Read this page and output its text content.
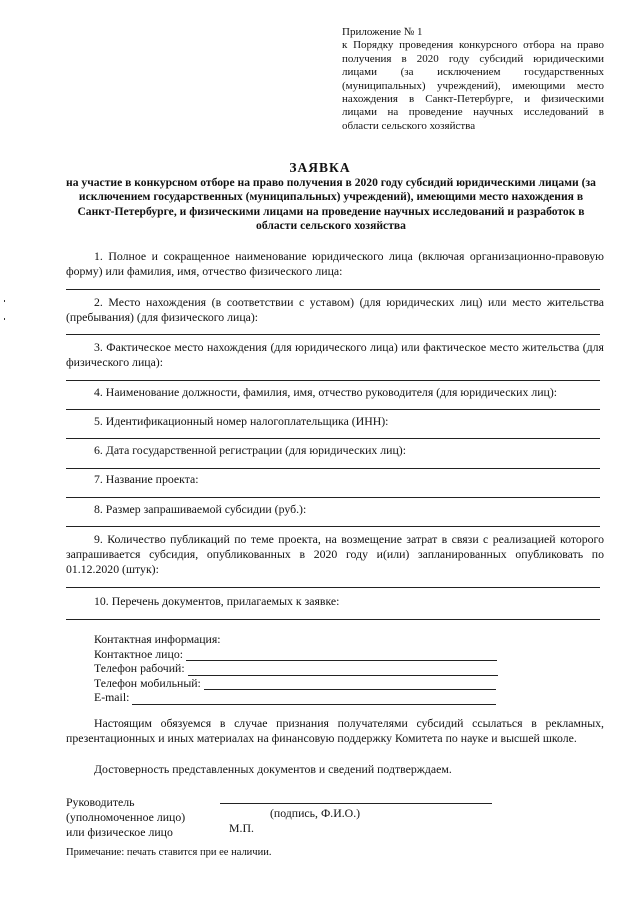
Приложение № 1
к Порядку проведения конкурсного отбора на право получения в 2020 году субсидий юридическими лицами (за исключением государственных (муниципальных) учреждений), имеющими место нахождения в Санкт-Петербурге, и физическими лицами на проведение научных исследований в области сельского хозяйства
ЗАЯВКА
на участие в конкурсном отборе на право получения в 2020 году субсидий юридическими лицами (за исключением государственных (муниципальных) учреждений), имеющими место нахождения в Санкт-Петербурге, и физическими лицами на проведение научных исследований и разработок в области сельского хозяйства
1. Полное и сокращенное наименование юридического лица (включая организационно-правовую форму) или фамилия, имя, отчество физического лица:
2. Место нахождения (в соответствии с уставом) (для юридических лиц) или место жительства (пребывания) (для физического лица):
3. Фактическое место нахождения (для юридического лица) или фактическое место жительства (для физического лица):
4. Наименование должности, фамилия, имя, отчество руководителя (для юридических лиц):
5. Идентификационный номер налогоплательщика (ИНН):
6. Дата государственной регистрации (для юридических лиц):
7. Название проекта:
8. Размер запрашиваемой субсидии (руб.):
9. Количество публикаций по теме проекта, на возмещение затрат в связи с реализацией которого запрашивается субсидия, опубликованных в 2020 году и(или) запланированных опубликовать по 01.12.2020 (штук):
10. Перечень документов, прилагаемых к заявке:
Контактная информация:
Контактное лицо:
Телефон рабочий:
Телефон мобильный:
E-mail:
Настоящим обязуемся в случае признания получателями субсидий ссылаться в рекламных, презентационных и иных материалах на финансовую поддержку Комитета по науке и высшей школе.
Достоверность представленных документов и сведений подтверждаем.
Руководитель
(уполномоченное лицо)
или физическое лицо
(подпись, Ф.И.О.)
М.П.
Примечание: печать ставится при ее наличии.
